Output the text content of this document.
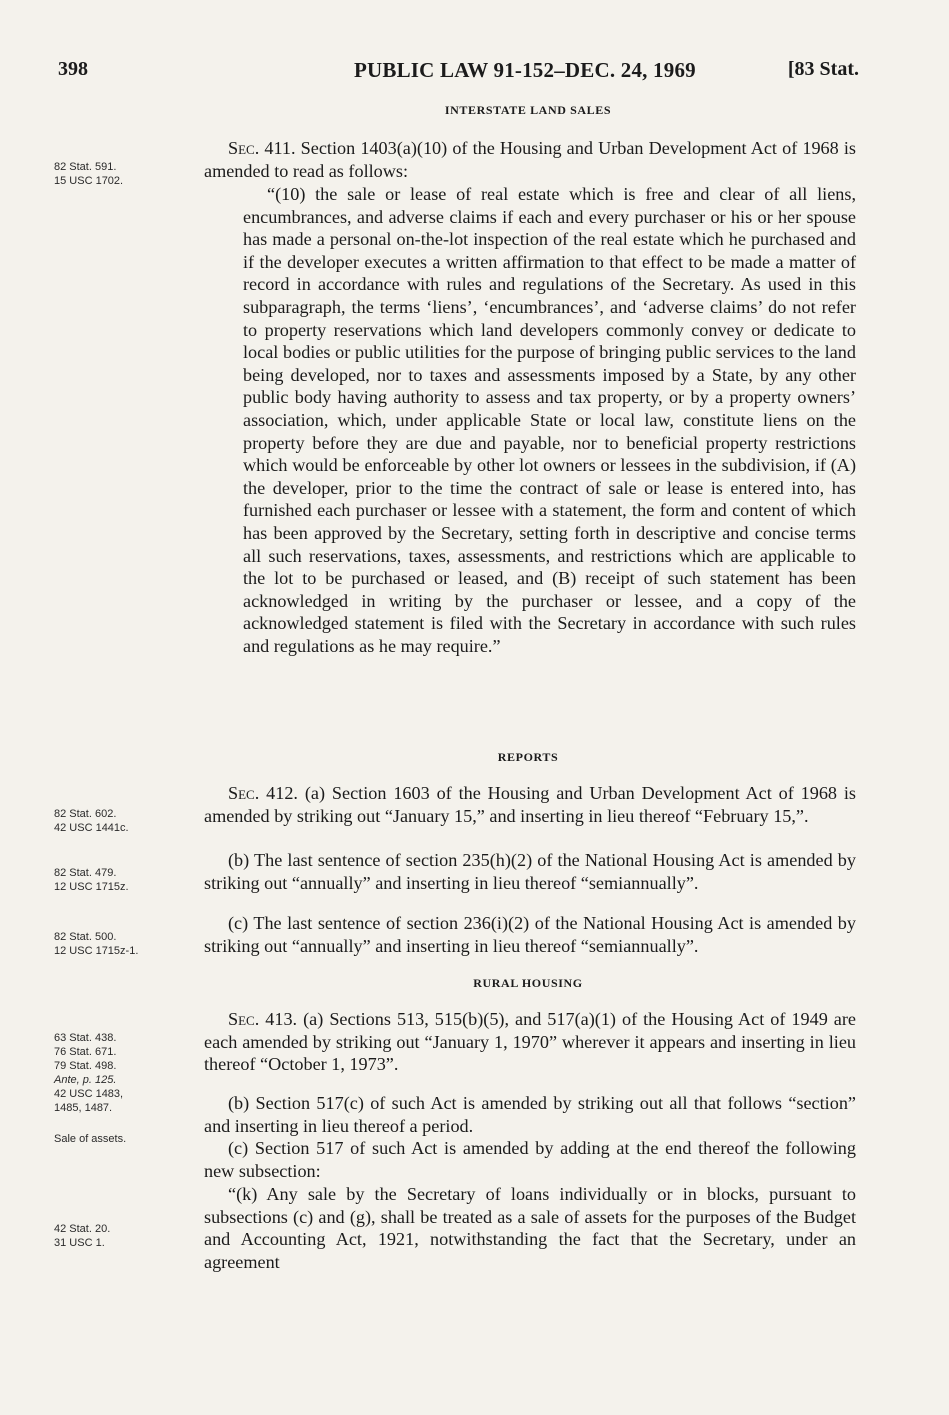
398	PUBLIC LAW 91-152–DEC. 24, 1969	[83 Stat.
INTERSTATE LAND SALES
82 Stat. 591.
15 USC 1702.
Sec. 411. Section 1403(a)(10) of the Housing and Urban Development Act of 1968 is amended to read as follows:
“(10) the sale or lease of real estate which is free and clear of all liens, encumbrances, and adverse claims if each and every purchaser or his or her spouse has made a personal on-the-lot inspection of the real estate which he purchased and if the developer executes a written affirmation to that effect to be made a matter of record in accordance with rules and regulations of the Secretary. As used in this subparagraph, the terms ‘liens’, ‘encumbrances’, and ‘adverse claims’ do not refer to property reservations which land developers commonly convey or dedicate to local bodies or public utilities for the purpose of bringing public services to the land being developed, nor to taxes and assessments imposed by a State, by any other public body having authority to assess and tax property, or by a property owners’ association, which, under applicable State or local law, constitute liens on the property before they are due and payable, nor to beneficial property restrictions which would be enforceable by other lot owners or lessees in the subdivision, if (A) the developer, prior to the time the contract of sale or lease is entered into, has furnished each purchaser or lessee with a statement, the form and content of which has been approved by the Secretary, setting forth in descriptive and concise terms all such reservations, taxes, assessments, and restrictions which are applicable to the lot to be purchased or leased, and (B) receipt of such statement has been acknowledged in writing by the purchaser or lessee, and a copy of the acknowledged statement is filed with the Secretary in accordance with such rules and regulations as he may require.”
REPORTS
Sec. 412. (a) Section 1603 of the Housing and Urban Development Act of 1968 is amended by striking out “January 15,” and inserting in lieu thereof “February 15,”.
82 Stat. 602.
42 USC 1441c.
(b) The last sentence of section 235(h)(2) of the National Housing Act is amended by striking out “annually” and inserting in lieu thereof “semiannually”.
82 Stat. 479.
12 USC 1715z.
(c) The last sentence of section 236(i)(2) of the National Housing Act is amended by striking out “annually” and inserting in lieu thereof “semiannually”.
82 Stat. 500.
12 USC 1715z-1.
RURAL HOUSING
Sec. 413. (a) Sections 513, 515(b)(5), and 517(a)(1) of the Housing Act of 1949 are each amended by striking out “January 1, 1970” wherever it appears and inserting in lieu thereof “October 1, 1973”.
63 Stat. 438.
76 Stat. 671.
79 Stat. 498.
Ante, p. 125.
42 USC 1483,
1485, 1487.	(b) Section 517(c) of such Act is amended by striking out all that follows “section” and inserting in lieu thereof a period.
(c) Section 517 of such Act is amended by adding at the end thereof the following new subsection:
Sale of assets.
“(k) Any sale by the Secretary of loans individually or in blocks, pursuant to subsections (c) and (g), shall be treated as a sale of assets for the purposes of the Budget and Accounting Act, 1921, notwithstanding the fact that the Secretary, under an agreement
42 Stat. 20.
31 USC 1.
